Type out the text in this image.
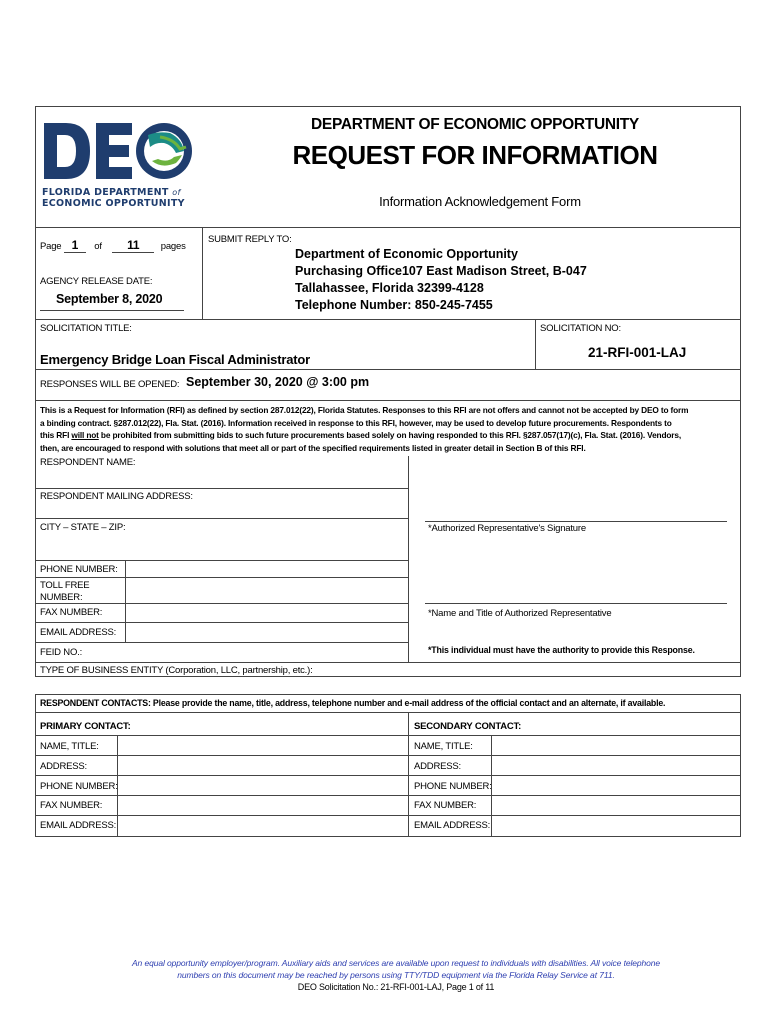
FLORIDA DEPARTMENT of
ECONOMIC OPPORTUNITY
DEPARTMENT OF ECONOMIC OPPORTUNITY
REQUEST FOR INFORMATION
Information Acknowledgement Form
Page 1 of 11 pages
AGENCY RELEASE DATE:
September 8, 2020
SUBMIT REPLY TO:
Department of Economic Opportunity
Purchasing Office107 East Madison Street, B-047
Tallahassee, Florida 32399-4128
Telephone Number: 850-245-7455
SOLICITATION TITLE:
Emergency Bridge Loan Fiscal Administrator
SOLICITATION NO:
21-RFI-001-LAJ
RESPONSES WILL BE OPENED: September 30, 2020 @ 3:00 pm
This is a Request for Information (RFI) as defined by section 287.012(22), Florida Statutes. Responses to this RFI are not offers and cannot not be accepted by DEO to form
a binding contract. §287.012(22), Fla. Stat. (2016). Information received in response to this RFI, however, may be used to develop future procurements. Respondents to
this RFI will not be prohibited from submitting bids to such future procurements based solely on having responded to this RFI. §287.057(17)(c), Fla. Stat. (2016). Vendors,
then, are encouraged to respond with solutions that meet all or part of the specified requirements listed in greater detail in Section B of this RFI.
RESPONDENT NAME:
RESPONDENT MAILING ADDRESS:
CITY – STATE – ZIP:	*Authorized Representative's Signature
PHONE NUMBER:
TOLL FREE
NUMBER:
FAX NUMBER:
EMAIL ADDRESS:
FEID NO.:
*Name and Title of Authorized Representative
*This individual must have the authority to provide this Response.
TYPE OF BUSINESS ENTITY (Corporation, LLC, partnership, etc.):
RESPONDENT CONTACTS: Please provide the name, title, address, telephone number and e-mail address of the official contact and an alternate, if available.
PRIMARY CONTACT:	SECONDARY CONTACT:
NAME, TITLE:
ADDRESS:
PHONE NUMBER:
FAX NUMBER:
EMAIL ADDRESS:
NAME, TITLE:
ADDRESS:
PHONE NUMBER:
FAX NUMBER:
EMAIL ADDRESS:
An equal opportunity employer/program. Auxiliary aids and services are available upon request to individuals with disabilities. All voice telephone
numbers on this document may be reached by persons using TTY/TDD equipment via the Florida Relay Service at 711.
DEO Solicitation No.: 21-RFI-001-LAJ, Page 1 of 11
